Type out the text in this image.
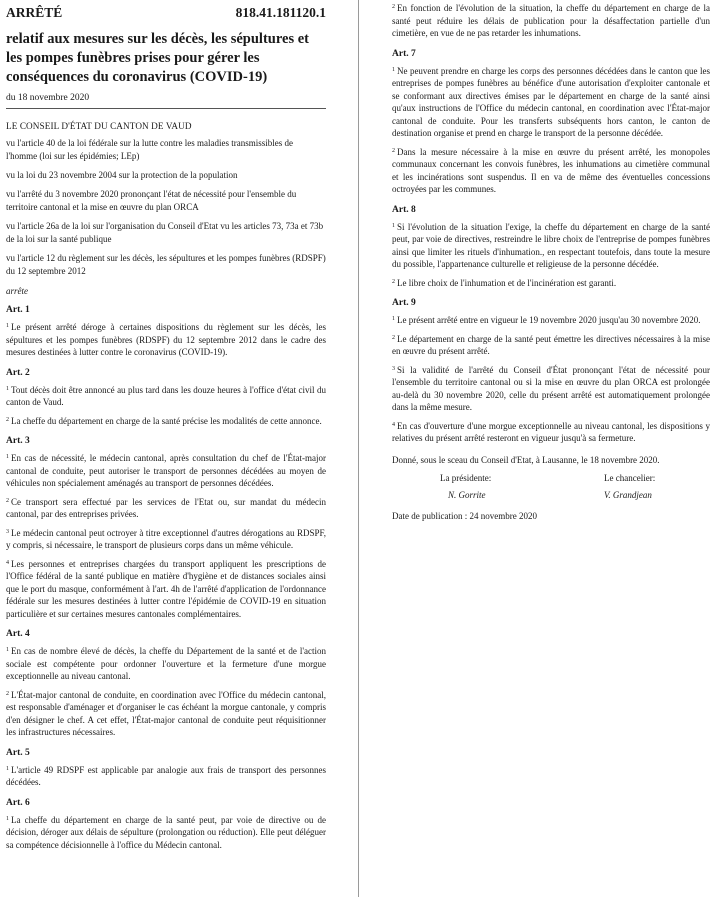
ARRÊTÉ	818.41.181120.1
relatif aux mesures sur les décès, les sépultures et les pompes funèbres prises pour gérer les conséquences du coronavirus (COVID-19)
du 18 novembre 2020
LE CONSEIL D'ÉTAT DU CANTON DE VAUD
vu l'article 40 de la loi fédérale sur la lutte contre les maladies transmissibles de l'homme (loi sur les épidémies; LEp)
vu la loi du 23 novembre 2004 sur la protection de la population
vu l'arrêté du 3 novembre 2020 prononçant l'état de nécessité pour l'ensemble du territoire cantonal et la mise en œuvre du plan ORCA
vu l'article 26a de la loi sur l'organisation du Conseil d'Etat vu les articles 73, 73a et 73b de la loi sur la santé publique
vu l'article 12 du règlement sur les décès, les sépultures et les pompes funèbres (RDSPF) du 12 septembre 2012
arrête
Art. 1
$^1$ Le présent arrêté déroge à certaines dispositions du règlement sur les décès, les sépultures et les pompes funèbres (RDSPF) du 12 septembre 2012 dans le cadre des mesures destinées à lutter contre le coronavirus (COVID-19).
Art. 2
$^1$ Tout décès doit être annoncé au plus tard dans les douze heures à l'office d'état civil du canton de Vaud.
$^2$ La cheffe du département en charge de la santé précise les modalités de cette annonce.
Art. 3
$^1$ En cas de nécessité, le médecin cantonal, après consultation du chef de l'État-major cantonal de conduite, peut autoriser le transport de personnes décédées au moyen de véhicules non spécialement aménagés au transport de personnes décédées.
$^2$ Ce transport sera effectué par les services de l'Etat ou, sur mandat du médecin cantonal, par des entreprises privées.
$^3$ Le médecin cantonal peut octroyer à titre exceptionnel d'autres dérogations au RDSPF, y compris, si nécessaire, le transport de plusieurs corps dans un même véhicule.
$^4$ Les personnes et entreprises chargées du transport appliquent les prescriptions de l'Office fédéral de la santé publique en matière d'hygiène et de distances sociales ainsi que le port du masque, conformément à l'art. 4h de l'arrêté d'application de l'ordonnance fédérale sur les mesures destinées à lutter contre l'épidémie de COVID-19 en situation particulière et sur certaines mesures cantonales complémentaires.
Art. 4
$^1$ En cas de nombre élevé de décès, la cheffe du Département de la santé et de l'action sociale est compétente pour ordonner l'ouverture et la fermeture d'une morgue exceptionnelle au niveau cantonal.
$^2$ L'État-major cantonal de conduite, en coordination avec l'Office du médecin cantonal, est responsable d'aménager et d'organiser le cas échéant la morgue cantonale, y compris d'en désigner le chef. A cet effet, l'État-major cantonal de conduite peut réquisitionner les infrastructures nécessaires.
Art. 5
$^1$ L'article 49 RDSPF est applicable par analogie aux frais de transport des personnes décédées.
Art. 6
$^1$ La cheffe du département en charge de la santé peut, par voie de directive ou de décision, déroger aux délais de sépulture (prolongation ou réduction). Elle peut déléguer sa compétence décisionnelle à l'office du Médecin cantonal.
$^2$ En fonction de l'évolution de la situation, la cheffe du département en charge de la santé peut réduire les délais de publication pour la désaffectation partielle d'un cimetière, en vue de ne pas retarder les inhumations.
Art. 7
$^1$ Ne peuvent prendre en charge les corps des personnes décédées dans le canton que les entreprises de pompes funèbres au bénéfice d'une autorisation d'exploiter cantonale et se conformant aux directives émises par le département en charge de la santé ainsi qu'aux instructions de l'Office du médecin cantonal, en coordination avec l'État-major cantonal de conduite. Pour les transferts subséquents hors canton, le canton de destination organise et prend en charge le transport de la personne décédée.
$^2$ Dans la mesure nécessaire à la mise en œuvre du présent arrêté, les monopoles communaux concernant les convois funèbres, les inhumations au cimetière communal et les incinérations sont suspendus. Il en va de même des éventuelles concessions octroyées par les communes.
Art. 8
$^1$ Si l'évolution de la situation l'exige, la cheffe du département en charge de la santé peut, par voie de directives, restreindre le libre choix de l'entreprise de pompes funèbres ainsi que limiter les rituels d'inhumation., en respectant toutefois, dans toute la mesure du possible, l'appartenance culturelle et religieuse de la personne décédée.
$^2$ Le libre choix de l'inhumation et de l'incinération est garanti.
Art. 9
$^1$ Le présent arrêté entre en vigueur le 19 novembre 2020 jusqu'au 30 novembre 2020.
$^2$ Le département en charge de la santé peut émettre les directives nécessaires à la mise en œuvre du présent arrêté.
$^3$ Si la validité de l'arrêté du Conseil d'État prononçant l'état de nécessité pour l'ensemble du territoire cantonal ou si la mise en œuvre du plan ORCA est prolongée au-delà du 30 novembre 2020, celle du présent arrêté est automatiquement prolongée dans la même mesure.
$^4$ En cas d'ouverture d'une morgue exceptionnelle au niveau cantonal, les dispositions y relatives du présent arrêté resteront en vigueur jusqu'à sa fermeture.
Donné, sous le sceau du Conseil d'Etat, à Lausanne, le 18 novembre 2020.
La présidente:	Le chancelier:
N. Gorrite	V. Grandjean
Date de publication : 24 novembre 2020
